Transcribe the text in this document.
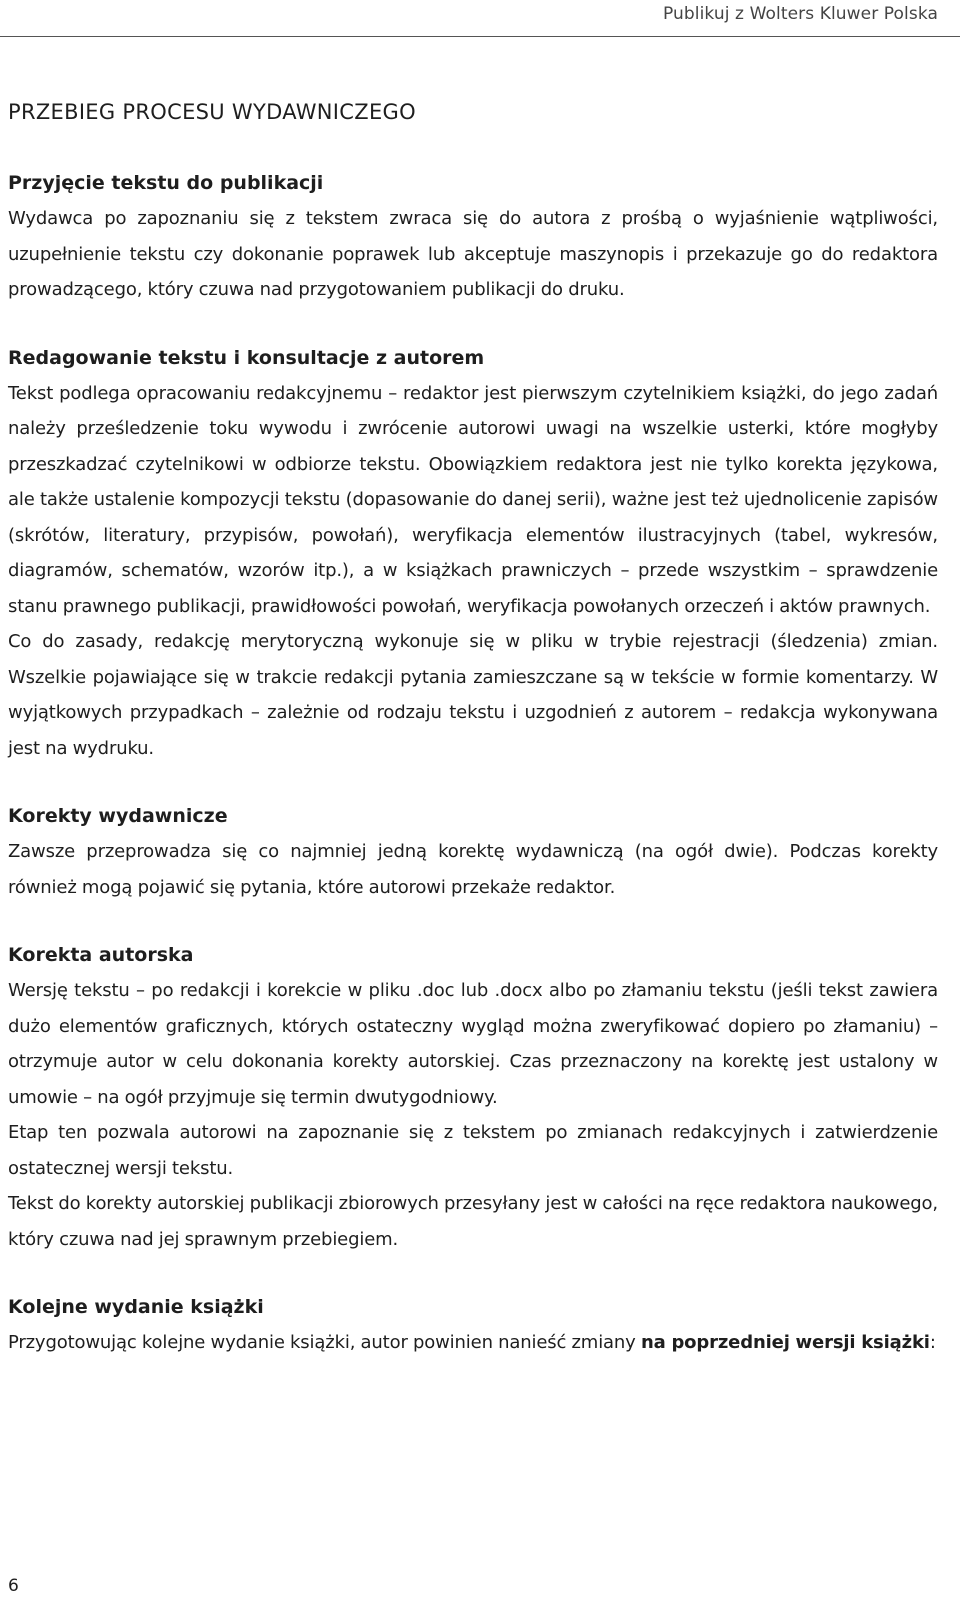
Publikuj z Wolters Kluwer Polska
PRZEBIEG PROCESU WYDAWNICZEGO
Przyjęcie tekstu do publikacji

Wydawca po zapoznaniu się z tekstem zwraca się do autora z prośbą o wyjaśnienie wątpliwości, uzupełnienie tekstu czy dokonanie poprawek lub akceptuje maszynopis i przekazuje go do redaktora prowadzącego, który czuwa nad przygotowaniem publikacji do druku.

Redagowanie tekstu i konsultacje z autorem

Tekst podlega opracowaniu redakcyjnemu – redaktor jest pierwszym czytelnikiem książki, do jego zadań należy prześledzenie toku wywodu i zwrócenie autorowi uwagi na wszelkie usterki, które mogłyby przeszkadzać czytelnikowi w odbiorze tekstu. Obowiązkiem redaktora jest nie tylko korekta językowa, ale także ustalenie kompozycji tekstu (dopasowanie do danej serii), ważne jest też ujednolicenie zapisów (skrótów, literatury, przypisów, powołań), weryfikacja elementów ilustracyjnych (tabel, wykresów, diagramów, schematów, wzorów itp.), a w książkach prawniczych – przede wszystkim – sprawdzenie stanu prawnego publikacji, prawidłowości powołań, weryfikacja powołanych orzeczeń i aktów prawnych.

Co do zasady, redakcję merytoryczną wykonuje się w pliku w trybie rejestracji (śledzenia) zmian. Wszelkie pojawiające się w trakcie redakcji pytania zamieszczane są w tekście w formie komentarzy. W wyjątkowych przypadkach – zależnie od rodzaju tekstu i uzgodnień z autorem – redakcja wykonywana jest na wydruku.

Korekty wydawnicze

Zawsze przeprowadza się co najmniej jedną korektę wydawniczą (na ogół dwie). Podczas korekty również mogą pojawić się pytania, które autorowi przekaże redaktor.

Korekta autorska

Wersję tekstu – po redakcji i korekcie w pliku .doc lub .docx albo po złamaniu tekstu (jeśli tekst zawiera dużo elementów graficznych, których ostateczny wygląd można zweryfikować dopiero po złamaniu) – otrzymuje autor w celu dokonania korekty autorskiej. Czas przeznaczony na korektę jest ustalony w umowie – na ogół przyjmuje się termin dwutygodniowy.

Etap ten pozwala autorowi na zapoznanie się z tekstem po zmianach redakcyjnych i zatwierdzenie ostatecznej wersji tekstu.

Tekst do korekty autorskiej publikacji zbiorowych przesyłany jest w całości na ręce redaktora naukowego, który czuwa nad jej sprawnym przebiegiem.

Kolejne wydanie książki

Przygotowując kolejne wydanie książki, autor powinien nanieść zmiany na poprzedniej wersji książki:

6
